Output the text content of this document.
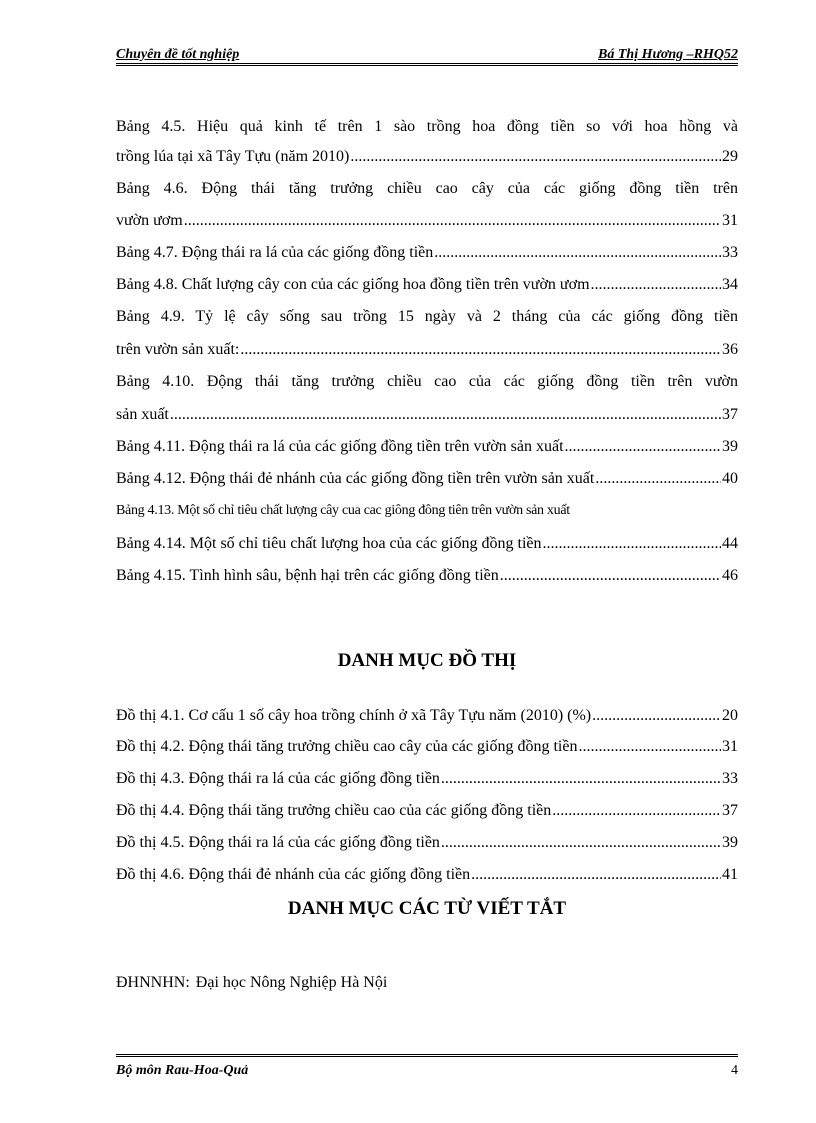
Chuyên đề tốt nghiệp	Bá Thị Hương –RHQ52
Bảng 4.5. Hiệu quả kinh tế trên 1 sào trồng hoa đồng tiền so với hoa hồng và
trồng lúa tại xã Tây Tựu (năm 2010) .....	29
Bảng 4.6. Động thái tăng trưởng chiều cao cây của các giống đồng tiền trên
vườn ươm .....	31
Bảng 4.7. Động thái ra lá của các giống đồng tiền .....	33
Bảng 4.8. Chất lượng cây con của các giống hoa đồng tiền trên vườn ươm .....	34
Bảng 4.9. Tỷ lệ cây sống sau trồng 15 ngày và 2 tháng của các giống đồng tiền
trên vườn sản xuất: .....	36
Bảng 4.10. Động thái tăng trưởng chiều cao của các giống đồng tiền trên vườn
sản xuất .....	37
Bảng 4.11. Động thái ra lá của các giống đồng tiền trên vườn sản xuất .....	39
Bảng 4.12. Động thái đẻ nhánh của các giống đồng tiền trên vườn sản xuất .....	40
Bảng 4.13. Một số chỉ tiêu chất lượng cây cua cac giông đông tiên trên vườn sản xuất
Bảng 4.14. Một số chỉ tiêu chất lượng hoa của các giống đồng tiền .....	44
Bảng 4.15. Tình hình sâu, bệnh hại trên các giống đồng tiền .....	46
DANH MỤC ĐỒ THỊ
Đồ thị 4.1. Cơ cấu 1 số cây hoa trồng chính ở xã Tây Tựu năm (2010) (%) .....	20
Đồ thị 4.2. Động thái tăng trưởng chiều cao cây của các giống đồng tiền .....	31
Đồ thị 4.3. Động thái ra lá của các giống đồng tiền .....	33
Đồ thị 4.4. Động thái tăng trưởng chiều cao của các giống đồng tiền .....	37
Đồ thị 4.5. Động thái ra lá của các giống đồng tiền .....	39
Đồ thị 4.6. Động thái đẻ nhánh của các giống đồng tiền .....	41
DANH MỤC CÁC TỪ VIẾT TẮT
ĐHNNHN: Đại học Nông Nghiệp Hà Nội
Bộ môn Rau-Hoa-Quả	4
